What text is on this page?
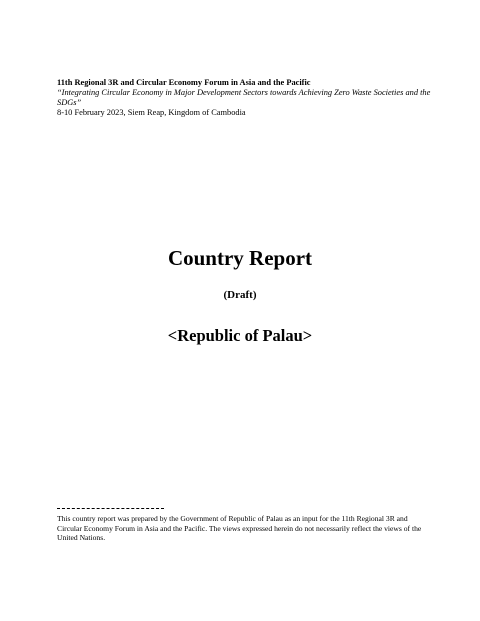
11th Regional 3R and Circular Economy Forum in Asia and the Pacific
“Integrating Circular Economy in Major Development Sectors towards Achieving Zero Waste Societies and the SDGs”
8-10 February 2023, Siem Reap, Kingdom of Cambodia
Country Report
(Draft)
<Republic of Palau>
This country report was prepared by the Government of Republic of Palau as an input for the 11th Regional 3R and Circular Economy Forum in Asia and the Pacific. The views expressed herein do not necessarily reflect the views of the United Nations.
